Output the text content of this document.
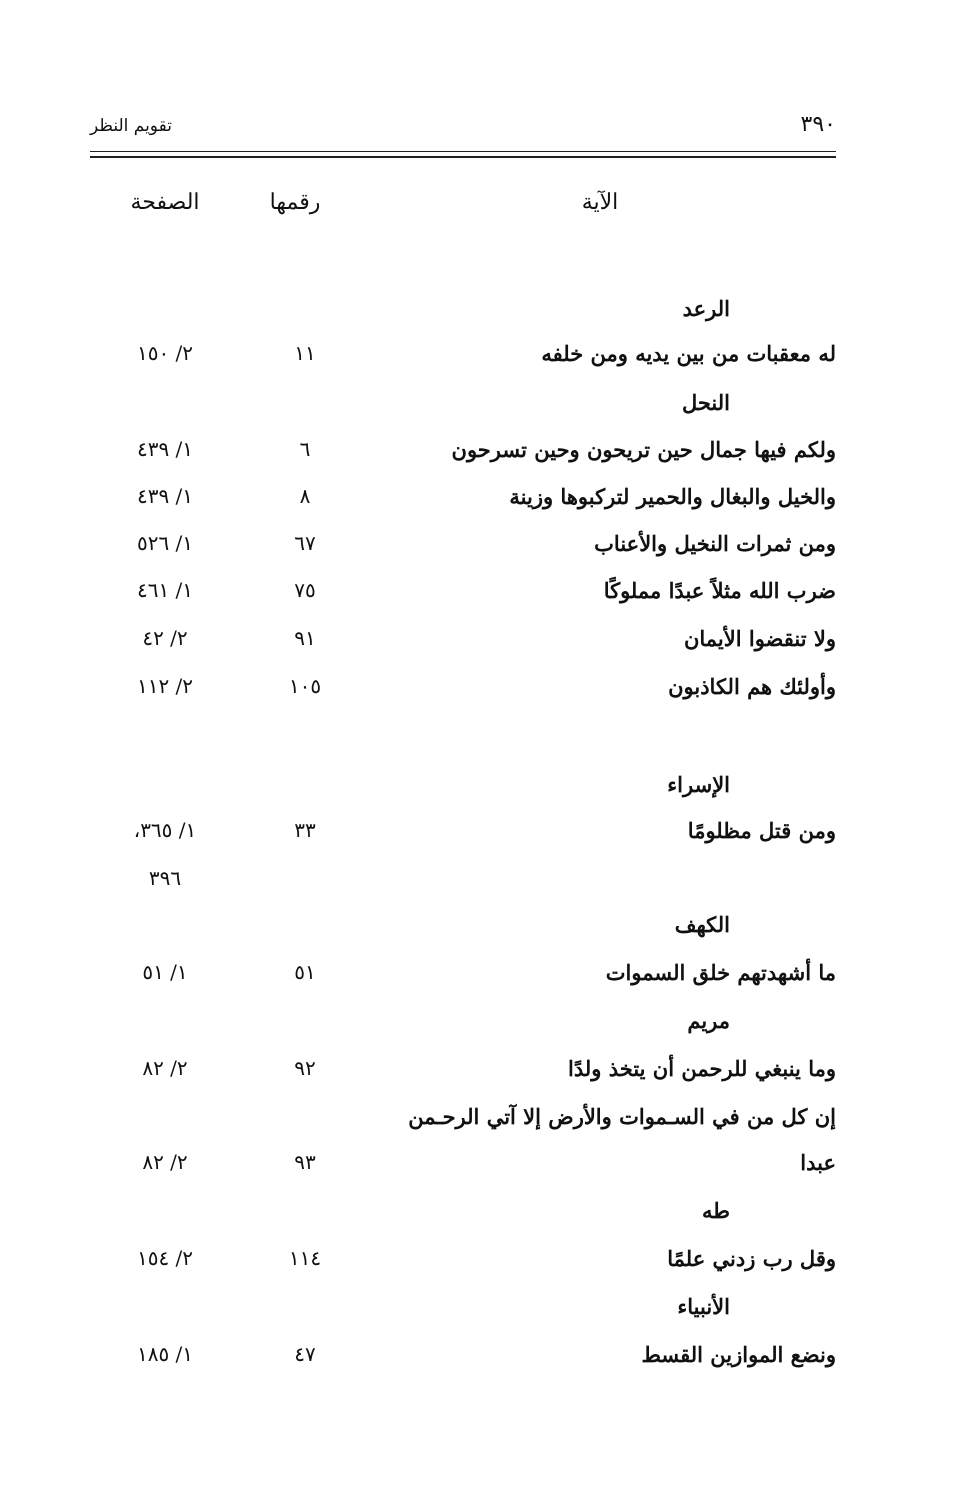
٣٩٠
تقويم النظر
الآية
رقمها
الصفحة
الرعد
له معقبات من بين يديه ومن خلفه
١١
٢/ ١٥٠
النحل
ولكم فيها جمال حين تريحون وحين تسرحون
٦
١/ ٤٣٩
والخيل والبغال والحمير لتركبوها وزينة
٨
١/ ٤٣٩
ومن ثمرات النخيل والأعناب
٦٧
١/ ٥٢٦
ضرب الله مثلاً عبدًا مملوكًا
٧٥
١/ ٤٦١
ولا تنقضوا الأيمان
٩١
٢/ ٤٢
وأولئك هم الكاذبون
١٠٥
٢/ ١١٢
الإسراء
ومن قتل مظلومًا
٣٣
١/ ٣٦٥،
٣٩٦
الكهف
ما أشهدتهم خلق السموات
٥١
١/ ٥١
مريم
وما ينبغي للرحمن أن يتخذ ولدًا
٩٢
٢/ ٨٢
إن كل من في السـموات والأرض إلا آتي الرحـمن
عبدا
٩٣
٢/ ٨٢
طه
وقل رب زدني علمًا
١١٤
٢/ ١٥٤
الأنبياء
ونضع الموازين القسط
٤٧
١/ ١٨٥
